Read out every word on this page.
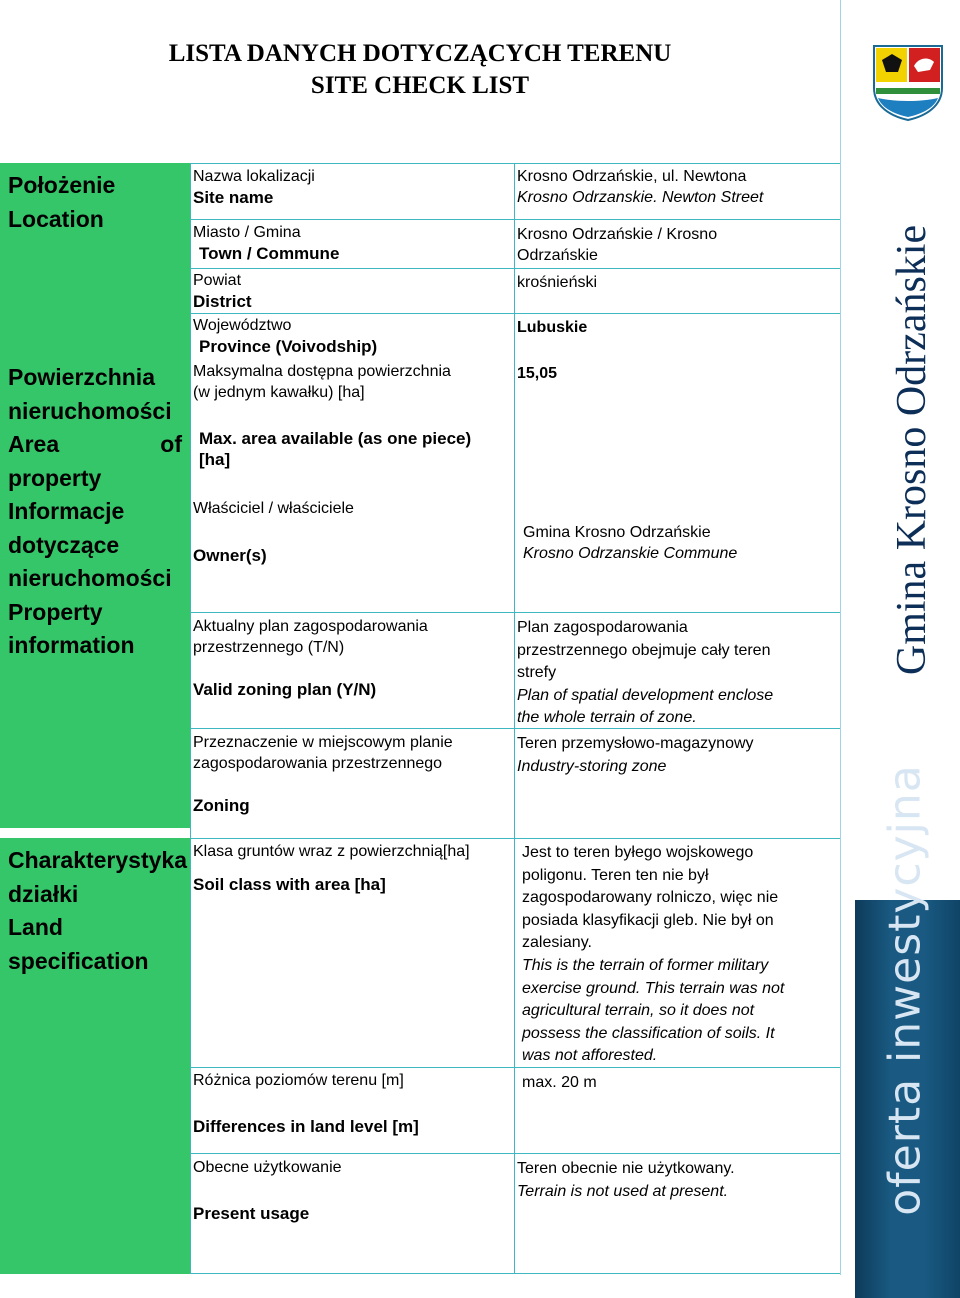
LISTA DANYCH DOTYCZĄCYCH TERENU
SITE CHECK LIST
Położenie
Location
Powierzchnia
nieruchomości
Area	of
property
Informacje
dotyczące
nieruchomości
Property
information
Charakterystyka
działki
Land
specification
Nazwa lokalizacji
Site name
Krosno Odrzańskie, ul. Newtona
Krosno Odrzanskie. Newton Street
Miasto / Gmina
Town / Commune
Krosno Odrzańskie / Krosno
Odrzańskie
Powiat
District
krośnieński
Województwo
Province (Voivodship)
Lubuskie
Maksymalna dostępna powierzchnia
(w jednym kawałku) [ha]
Max. area available (as one piece)
[ha]
15,05
Właściciel / właściciele
Owner(s)
Gmina Krosno Odrzańskie
Krosno Odrzanskie Commune
Aktualny plan zagospodarowania
przestrzennego (T/N)
Valid zoning plan (Y/N)
Plan zagospodarowania
przestrzennego obejmuje cały teren
strefy
Plan of spatial development enclose
the whole terrain of zone.
Przeznaczenie w miejscowym planie
zagospodarowania przestrzennego
Zoning
Teren przemysłowo-magazynowy
Industry-storing zone
Klasa gruntów wraz z powierzchnią[ha]
Soil class with area [ha]
Jest to teren byłego wojskowego
poligonu. Teren ten nie był
zagospodarowany rolniczo, więc nie
posiada klasyfikacji gleb. Nie był on
zalesiany.
This is the terrain of former military
exercise ground. This terrain was not
agricultural terrain, so it does not
possess the classification of soils. It
was not afforested.
Różnica poziomów terenu [m]
Differences in land level [m]
max. 20 m
Obecne użytkowanie
Present usage
Teren obecnie nie użytkowany.
Terrain is not used at present.
Gmina Krosno Odrzańskie
oferta inwestycyjna
